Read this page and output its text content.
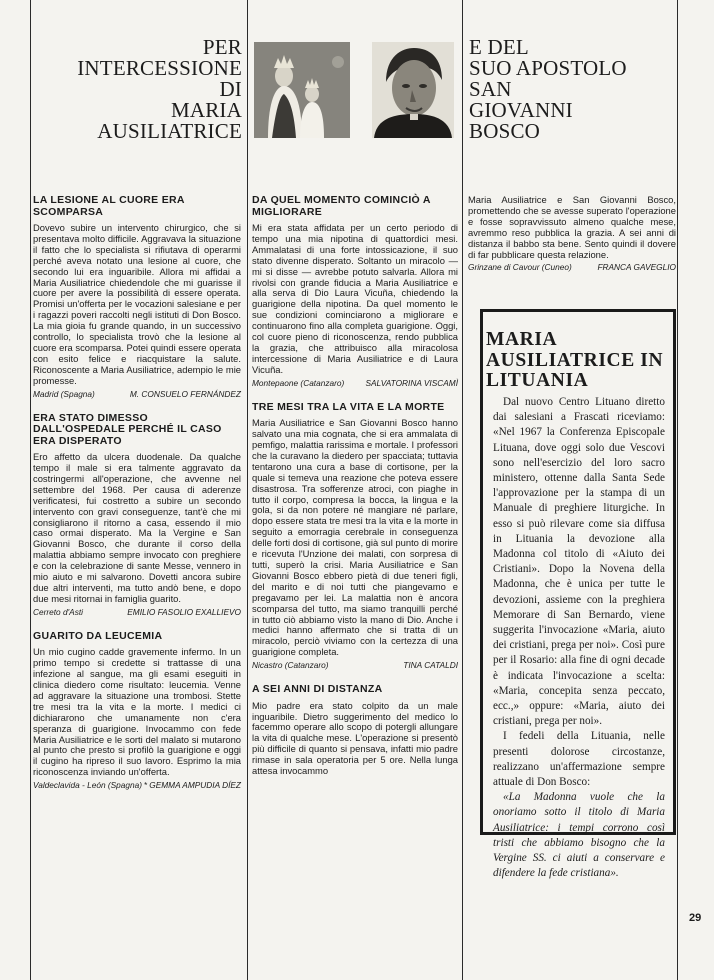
PER
INTERCESSIONE
DI
MARIA
AUSILIATRICE
E DEL
SUO APOSTOLO
SAN
GIOVANNI
BOSCO
LA LESIONE AL CUORE ERA SCOMPARSA
Dovevo subire un intervento chirurgico, che si presentava molto difficile. Aggravava la situazione il fatto che lo specialista si rifiutava di operarmi perché aveva notato una lesione al cuore, che secondo lui era inguaribile. Allora mi affidai a Maria Ausiliatrice chiedendole che mi guarisse il cuore per avere la possibilità di essere operata. Promisi un'offerta per le vocazioni salesiane e per i ragazzi poveri raccolti negli istituti di Don Bosco. La mia gioia fu grande quando, in un successivo controllo, lo specialista trovò che la lesione al cuore era scomparsa. Potei quindi essere operata con esito felice e riacquistare la salute. Riconoscente a Maria Ausiliatrice, adempio le mie promesse.
Madrid (Spagna)	M. CONSUELO FERNÁNDEZ
ERA STATO DIMESSO DALL'OSPEDALE PERCHÉ IL CASO ERA DISPERATO
Ero affetto da ulcera duodenale. Da qualche tempo il male si era talmente aggravato da costringermi all'operazione, che avvenne nel settembre del 1968. Per causa di aderenze verificatesi, fui costretto a subire un secondo intervento con gravi conseguenze, tant'è che mi consigliarono il ritorno a casa, essendo il mio caso ormai disperato. Ma la Vergine e San Giovanni Bosco, che durante il corso della malattia abbiamo sempre invocato con preghiere e con la celebrazione di sante Messe, vennero in mio aiuto e mi salvarono. Dovetti ancora subire due altri interventi, ma tutto andò bene, e dopo due mesi ritornai in famiglia guarito.
Cerreto d'Asti	EMILIO FASOLIO EXALLIEVO
GUARITO DA LEUCEMIA
Un mio cugino cadde gravemente infermo. In un primo tempo si credette si trattasse di una infezione al sangue, ma gli esami eseguiti in clinica diedero come risultato: leucemia. Venne ad aggravare la situazione una trombosi. Stette tre mesi tra la vita e la morte. I medici ci dichiararono che umanamente non c'era speranza di guarigione. Invocammo con fede Maria Ausiliatrice e le sorti del malato si mutarono al punto che presto si profilò la guarigione e oggi il cugino ha ripreso il suo lavoro. Esprimo la mia riconoscenza inviando un'offerta.
Valdeclavida - León (Spagna) * GEMMA AMPUDIA DÍEZ
DA QUEL MOMENTO COMINCIÒ A MIGLIORARE
Mi era stata affidata per un certo periodo di tempo una mia nipotina di quattordici mesi. Ammalatasi di una forte intossicazione, il suo stato divenne disperato. Soltanto un miracolo — mi si disse — avrebbe potuto salvarla. Allora mi rivolsi con grande fiducia a Maria Ausiliatrice e alla serva di Dio Laura Vicuña, chiedendo la guarigione della nipotina. Da quel momento le sue condizioni cominciarono a migliorare e continuarono fino alla completa guarigione. Oggi, col cuore pieno di riconoscenza, rendo pubblica la grazia, che attribuisco alla miracolosa intercessione di Maria Ausiliatrice e di Laura Vicuña.
Montepaone (Catanzaro)	SALVATORINA VISCAMÌ
TRE MESI TRA LA VITA E LA MORTE
Maria Ausiliatrice e San Giovanni Bosco hanno salvato una mia cognata, che si era ammalata di pemfigo, malattia rarissima e mortale. I professori che la curavano la diedero per spacciata; tuttavia tentarono una cura a base di cortisone, per la quale si temeva una reazione che poteva essere disastrosa. Tra sofferenze atroci, con piaghe in tutto il corpo, compresa la bocca, la lingua e la gola, si da non potere né mangiare né parlare, dopo essere stata tre mesi tra la vita e la morte in seguito a emorragia cerebrale in conseguenza delle forti dosi di cortisone, già sul punto di morire e ricevuta l'Unzione dei malati, con sorpresa di tutti, superò la crisi. Maria Ausiliatrice e San Giovanni Bosco ebbero pietà di due teneri figli, del marito e di noi tutti che piangevamo e pregavamo per lei. La malattia non è ancora scomparsa del tutto, ma siamo tranquilli perché in tutto ciò abbiamo visto la mano di Dio. Anche i medici hanno affermato che si tratta di un miracolo, perciò viviamo con la certezza di una guarigione completa.
Nicastro (Catanzaro)	TINA CATALDI
A SEI ANNI DI DISTANZA
Mio padre era stato colpito da un male inguaribile. Dietro suggerimento del medico lo facemmo operare allo scopo di potergli allungare la vita di qualche mese. L'operazione si presentò più difficile di quanto si pensava, infatti mio padre rimase in sala operatoria per 5 ore. Nella lunga attesa invocammo
Maria Ausiliatrice e San Giovanni Bosco, promettendo che se avesse superato l'operazione e fosse sopravvissuto almeno qualche mese, avremmo reso pubblica la grazia. A sei anni di distanza il babbo sta bene. Sento quindi il dovere di far pubblicare questa relazione.
Grinzane di Cavour (Cuneo)	FRANCA GAVEGLIO
MARIA AUSILIATRICE IN LITUANIA

Dal nuovo Centro Lituano diretto dai salesiani a Frascati riceviamo: «Nel 1967 la Conferenza Episcopale Lituana, dove oggi solo due Vescovi sono nell'esercizio del loro sacro ministero, ottenne dalla Santa Sede l'approvazione per la stampa di un Manuale di preghiere liturgiche. In esso si può rilevare come sia diffusa in Lituania la devozione alla Madonna col titolo di «Aiuto dei Cristiani». Dopo la Novena della Madonna, che è unica per tutte le devozioni, assieme con la preghiera Memorare di San Bernardo, viene suggerita l'invocazione «Maria, aiuto dei cristiani, prega per noi». Così pure per il Rosario: alla fine di ogni decade è indicata l'invocazione a scelta: «Maria, concepita senza peccato, ecc.,» oppure: «Maria, aiuto dei cristiani, prega per noi».

I fedeli della Lituania, nelle presenti dolorose circostanze, realizzano un'affermazione sempre attuale di Don Bosco:

«La Madonna vuole che la onoriamo sotto il titolo di Maria Ausiliatrice: i tempi corrono così tristi che abbiamo bisogno che la Vergine SS. ci aiuti a conservare e difendere la fede cristiana».

29
